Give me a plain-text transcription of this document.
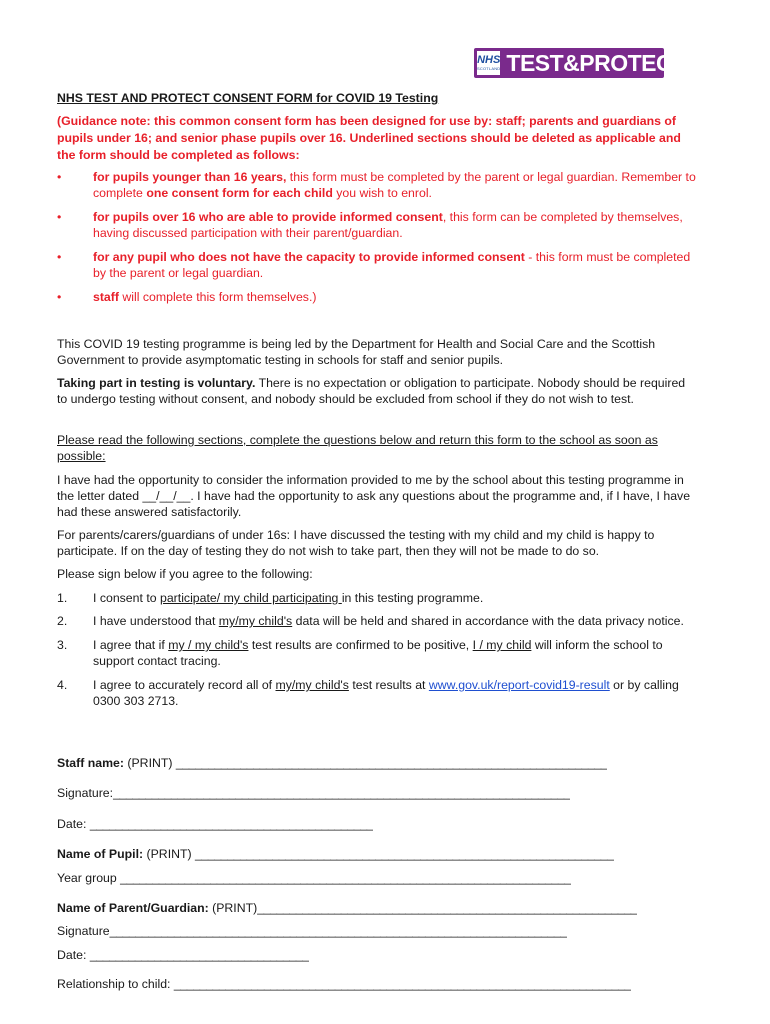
NHS
SCOTLAND TEST&PROTECT

NHS TEST AND PROTECT CONSENT FORM for COVID 19 Testing

(Guidance note: this common consent form has been designed for use by: staff; parents and guardians of pupils under 16; and senior phase pupils over 16. Underlined sections should be deleted as applicable and the form should be completed as follows:

•	for pupils younger than 16 years, this form must be completed by the parent or legal guardian. Remember to complete one consent form for each child you wish to enrol.
•	for pupils over 16 who are able to provide informed consent, this form can be completed by themselves, having discussed participation with their parent/guardian.
•	for any pupil who does not have the capacity to provide informed consent - this form must be completed by the parent or legal guardian.
•	staff will complete this form themselves.)

This COVID 19 testing programme is being led by the Department for Health and Social Care and the Scottish Government to provide asymptomatic testing in schools for staff and senior pupils.

Taking part in testing is voluntary. There is no expectation or obligation to participate. Nobody should be required to undergo testing without consent, and nobody should be excluded from school if they do not wish to test.

Please read the following sections, complete the questions below and return this form to the school as soon as possible:

I have had the opportunity to consider the information provided to me by the school about this testing programme in the letter dated __/__/__. I have had the opportunity to ask any questions about the programme and, if I have, I have had these answered satisfactorily.

For parents/carers/guardians of under 16s: I have discussed the testing with my child and my child is happy to participate. If on the day of testing they do not wish to take part, then they will not be made to do so.

Please sign below if you agree to the following:

1. I consent to participate/ my child participating in this testing programme.
2. I have understood that my/my child's data will be held and shared in accordance with the data privacy notice.
3. I agree that if my / my child's test results are confirmed to be positive, I / my child will inform the school to support contact tracing.
4. I agree to accurately record all of my/my child's test results at www.gov.uk/report-covid19-result or by calling 0300 303 2713.

Staff name: (PRINT) ___________________________________________________________________

Signature:_______________________________________________________________________

Date: ____________________________________________

Name of Pupil: (PRINT) _________________________________________________________________

Year group ______________________________________________________________________

Name of Parent/Guardian: (PRINT)___________________________________________________________

Signature_______________________________________________________________________

Date: __________________________________

Relationship to child: _______________________________________________________________________
